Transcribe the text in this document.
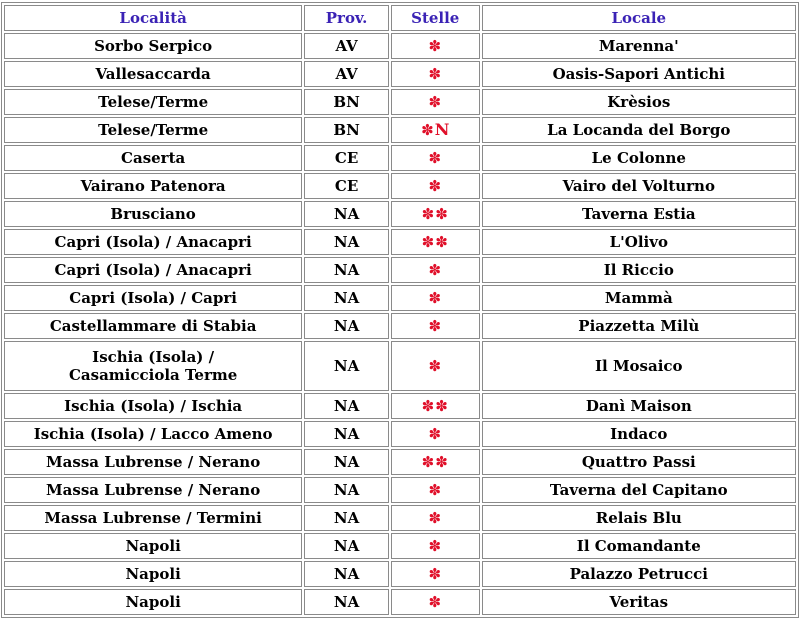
Località	Prov.	Stelle	Locale
Sorbo Serpico	AV	✽	Marenna'
Vallesaccarda	AV	✽	Oasis-Sapori Antichi
Telese/Terme	BN	✽	Krèsios
Telese/Terme	BN	✽N	La Locanda del Borgo
Caserta	CE	✽	Le Colonne
Vairano Patenora	CE	✽	Vairo del Volturno
Brusciano	NA	✽✽	Taverna Estia
Capri (Isola) / Anacapri	NA	✽✽	L'Olivo
Capri (Isola) / Anacapri	NA	✽	Il Riccio
Capri (Isola) / Capri	NA	✽	Mammà
Castellammare di Stabia	NA	✽	Piazzetta Milù
Ischia (Isola) /
Casamicciola Terme	NA	✽	Il Mosaico
Ischia (Isola) / Ischia	NA	✽✽	Danì Maison
Ischia (Isola) / Lacco Ameno	NA	✽	Indaco
Massa Lubrense / Nerano	NA	✽✽	Quattro Passi
Massa Lubrense / Nerano	NA	✽	Taverna del Capitano
Massa Lubrense / Termini	NA	✽	Relais Blu
Napoli	NA	✽	Il Comandante
Napoli	NA	✽	Palazzo Petrucci
Napoli	NA	✽	Veritas
